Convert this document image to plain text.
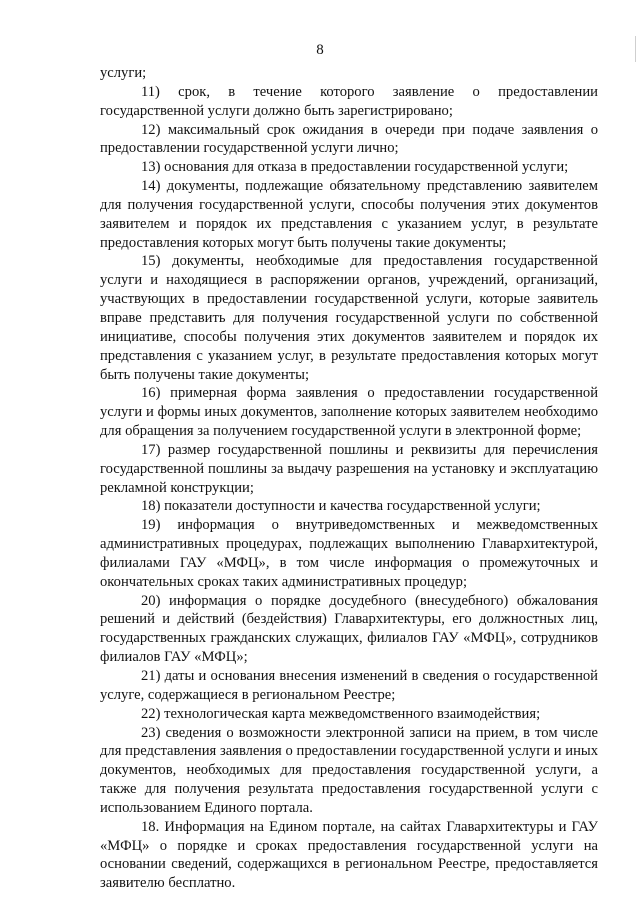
8

услуги;

11) срок, в течение которого заявление о предоставлении государственной услуги должно быть зарегистрировано;

12) максимальный срок ожидания в очереди при подаче заявления о предоставлении государственной услуги лично;

13) основания для отказа в предоставлении государственной услуги;

14) документы, подлежащие обязательному представлению заявителем для получения государственной услуги, способы получения этих документов заявителем и порядок их представления с указанием услуг, в результате предоставления которых могут быть получены такие документы;

15) документы, необходимые для предоставления государственной услуги и находящиеся в распоряжении органов, учреждений, организаций, участвующих в предоставлении государственной услуги, которые заявитель вправе представить для получения государственной услуги по собственной инициативе, способы получения этих документов заявителем и порядок их представления с указанием услуг, в результате предоставления которых могут быть получены такие документы;

16) примерная форма заявления о предоставлении государственной услуги и формы иных документов, заполнение которых заявителем необходимо для обращения за получением государственной услуги в электронной форме;

17) размер государственной пошлины и реквизиты для перечисления государственной пошлины за выдачу разрешения на установку и эксплуатацию рекламной конструкции;

18) показатели доступности и качества государственной услуги;

19) информация о внутриведомственных и межведомственных административных процедурах, подлежащих выполнению Главархитектурой, филиалами ГАУ «МФЦ», в том числе информация о промежуточных и окончательных сроках таких административных процедур;

20) информация о порядке досудебного (внесудебного) обжалования решений и действий (бездействия) Главархитектуры, его должностных лиц, государственных гражданских служащих, филиалов ГАУ «МФЦ», сотрудников филиалов ГАУ «МФЦ»;

21) даты и основания внесения изменений в сведения о государственной услуге, содержащиеся в региональном Реестре;

22) технологическая карта межведомственного взаимодействия;

23) сведения о возможности электронной записи на прием, в том числе для представления заявления о предоставлении государственной услуги и иных документов, необходимых для предоставления государственной услуги, а также для получения результата предоставления государственной услуги с использованием Единого портала.

18. Информация на Едином портале, на сайтах Главархитектуры и ГАУ «МФЦ» о порядке и сроках предоставления государственной услуги на основании сведений, содержащихся в региональном Реестре, предоставляется заявителю бесплатно.
